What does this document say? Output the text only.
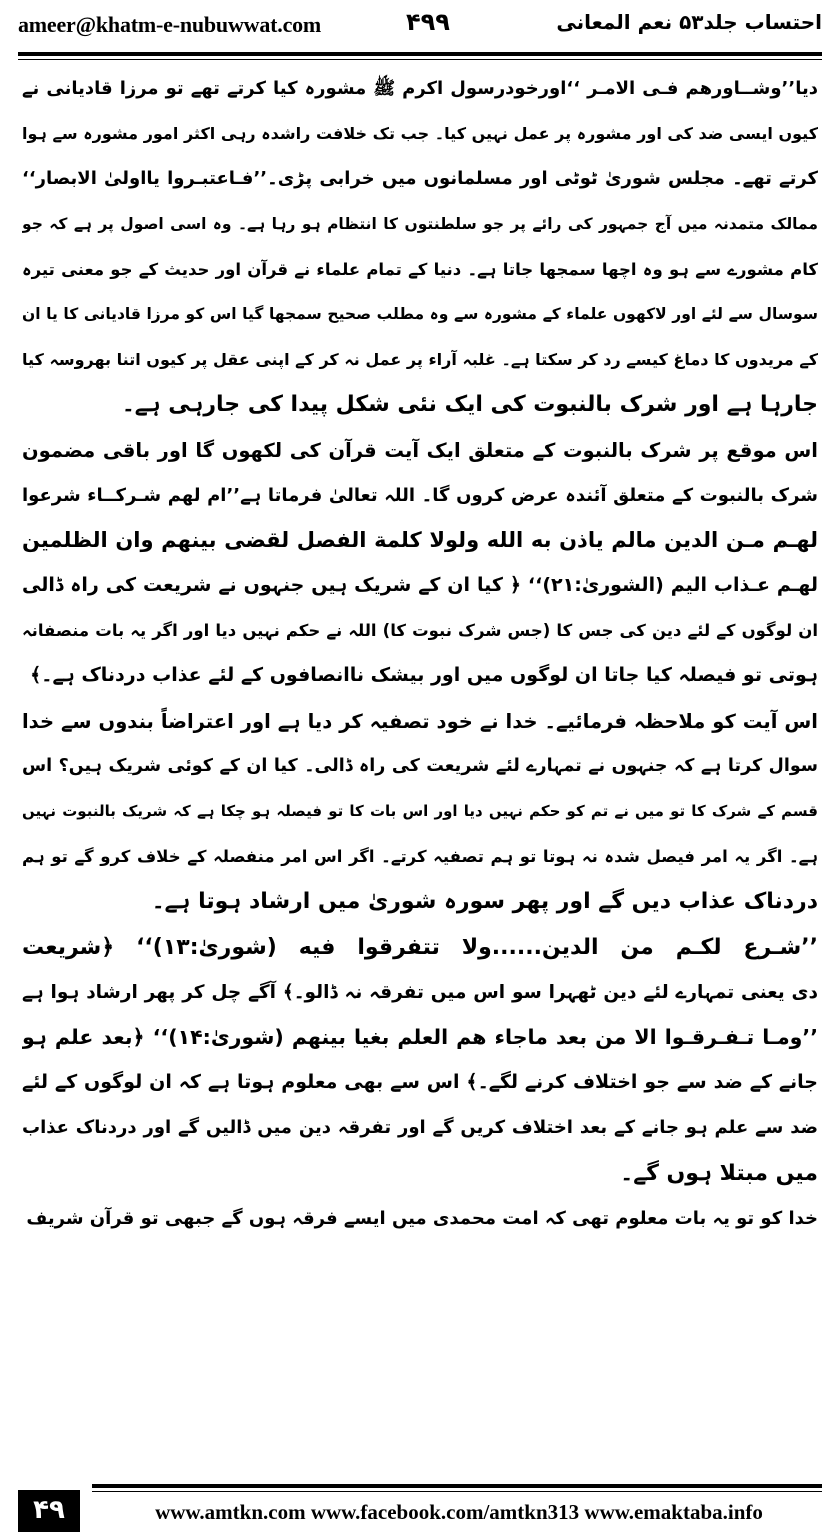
ameer@khatm-e-nubuwwat.com	۴۹۹	احتساب جلد۵۳ نعم المعانی
دیا’’وشــاورهم فـی الامـر ‘‘اورخودرسول اکرم ﷺ مشورہ کیا کرتے تھے تو مرزا قادیانی نے
کیوں ایسی ضد کی اور مشورہ پر عمل نہیں کیا۔ جب تک خلافت راشدہ رہی اکثر امور مشورہ سے ہوا
کرتے تھے۔ مجلس شوریٰ ٹوٹی اور مسلمانوں میں خرابی پڑی۔’’فـاعتبـروا یااولیٰ الابصار‘‘
ممالک متمدنہ میں آج جمہور کی رائے پر جو سلطنتوں کا انتظام ہو رہا ہے۔ وہ اسی اصول پر ہے کہ جو
کام مشورے سے ہو وہ اچھا سمجھا جاتا ہے۔ دنیا کے تمام علماء نے قرآن اور حدیث کے جو معنی تیرہ
سوسال سے لئے اور لاکھوں علماء کے مشورہ سے وہ مطلب صحیح سمجھا گیا اس کو مرزا قادیانی کا یا ان
کے مریدوں کا دماغ کیسے رد کر سکتا ہے۔ غلبہ آراء پر عمل نہ کر کے اپنی عقل پر کیوں اتنا بھروسہ کیا
جارہا ہے اور شرک بالنبوت کی ایک نئی شکل پیدا کی جارہی ہے۔
اس موقع پر شرک بالنبوت کے متعلق ایک آیت قرآن کی لکھوں گا اور باقی مضمون
شرک بالنبوت کے متعلق آئندہ عرض کروں گا۔ اللہ تعالیٰ فرماتا ہے’’ام لهم شـركــاء شرعوا
لهـم مـن الدين مالم ياذن به الله ولولا كلمة الفصل لقضى بينهم وان الظلمين
لهـم عـذاب اليم (الشوریٰ:۲۱)‘‘ ﴿ کیا ان کے شریک ہیں جنہوں نے شریعت کی راہ ڈالی
ان لوگوں کے لئے دین کی جس کا (جس شرک نبوت کا) اللہ نے حکم نہیں دیا اور اگر یہ بات منصفانہ
ہوتی تو فیصلہ کیا جاتا ان لوگوں میں اور بیشک ناانصافوں کے لئے عذاب دردناک ہے۔﴾
اس آیت کو ملاحظہ فرمائیے۔ خدا نے خود تصفیہ کر دیا ہے اور اعتراضاً بندوں سے خدا
سوال کرتا ہے کہ جنہوں نے تمہارے لئے شریعت کی راہ ڈالی۔ کیا ان کے کوئی شریک ہیں؟ اس
قسم کے شرک کا تو میں نے تم کو حکم نہیں دیا اور اس بات کا تو فیصلہ ہو چکا ہے کہ شریک بالنبوت نہیں
ہے۔ اگر یہ امر فیصل شدہ نہ ہوتا تو ہم تصفیہ کرتے۔ اگر اس امر منفصلہ کے خلاف کرو گے تو ہم
دردناک عذاب دیں گے اور پھر سورہ شوریٰ میں ارشاد ہوتا ہے۔
’’شـرع لكـم من الدين......ولا تتفرقوا فيه (شوریٰ:۱۳)‘‘ ﴿شریعت
دی یعنی تمہارے لئے دین ٹھہرا سو اس میں تفرقہ نہ ڈالو۔﴾ آگے چل کر پھر ارشاد ہوا ہے
’’ومـا تـفـرقـوا الا من بعد ماجاء هم العلم بغيا بينهم (شوریٰ:۱۴)‘‘ ﴿بعد علم ہو
جانے کے ضد سے جو اختلاف کرنے لگے۔﴾ اس سے بھی معلوم ہوتا ہے کہ ان لوگوں کے لئے
ضد سے علم ہو جانے کے بعد اختلاف کریں گے اور تفرقہ دین میں ڈالیں گے اور دردناک عذاب
میں مبتلا ہوں گے۔
خدا کو تو یہ بات معلوم تھی کہ امت محمدی میں ایسے فرقہ ہوں گے جبھی تو قرآن شریف
۴۹	www.amtkn.com www.facebook.com/amtkn313 www.emaktaba.info
